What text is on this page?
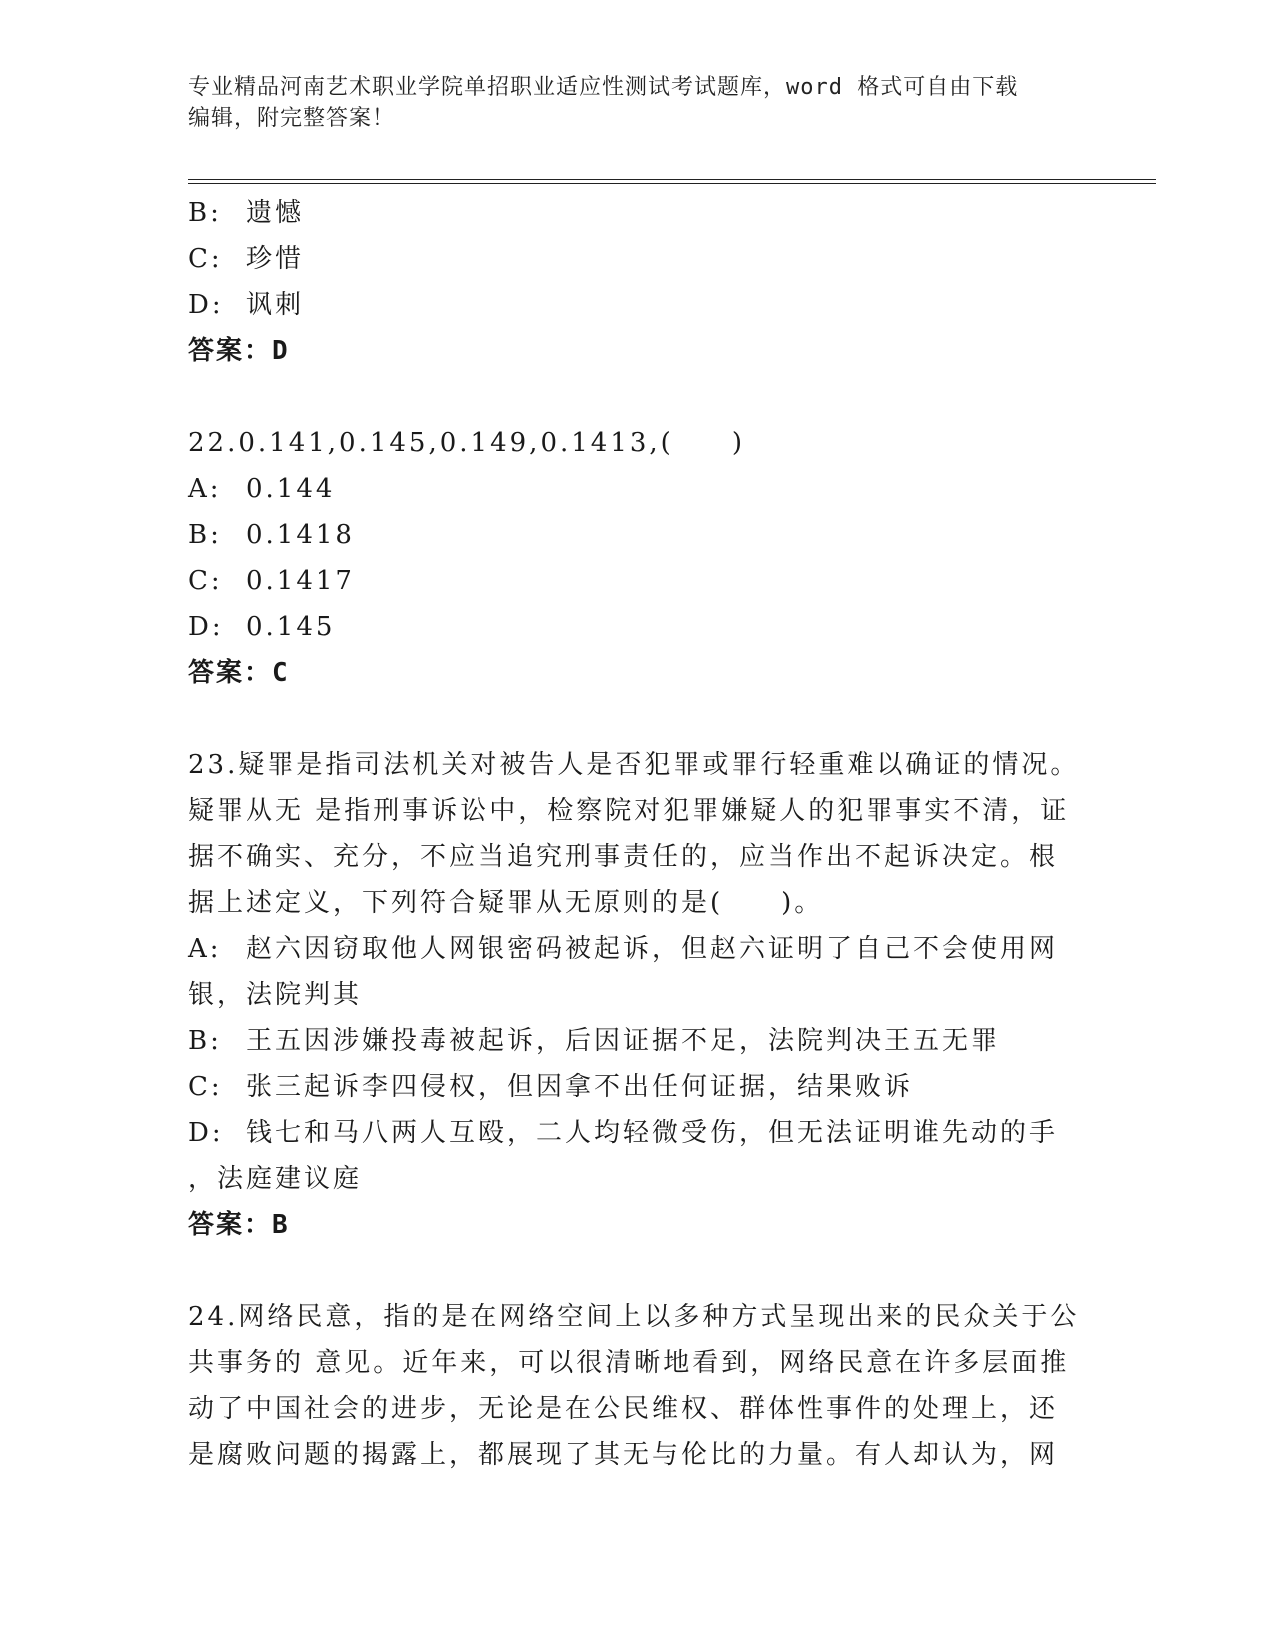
专业精品河南艺术职业学院单招职业适应性测试考试题库，word 格式可自由下载
编辑，附完整答案！
B: 遗憾
C: 珍惜
D: 讽刺
答案：D
22.0.141,0.145,0.149,0.1413,(　　)
A: 0.144
B: 0.1418
C: 0.1417
D: 0.145
答案：C
23.疑罪是指司法机关对被告人是否犯罪或罪行轻重难以确证的情况。
疑罪从无 是指刑事诉讼中，检察院对犯罪嫌疑人的犯罪事实不清，证
据不确实、充分，不应当追究刑事责任的，应当作出不起诉决定。根
据上述定义，下列符合疑罪从无原则的是(　　)。
A: 赵六因窃取他人网银密码被起诉，但赵六证明了自己不会使用网
银，法院判其
B: 王五因涉嫌投毒被起诉，后因证据不足，法院判决王五无罪
C: 张三起诉李四侵权，但因拿不出任何证据，结果败诉
D: 钱七和马八两人互殴，二人均轻微受伤，但无法证明谁先动的手
，法庭建议庭
答案：B
24.网络民意，指的是在网络空间上以多种方式呈现出来的民众关于公
共事务的 意见。近年来，可以很清晰地看到，网络民意在许多层面推
动了中国社会的进步，无论是在公民维权、群体性事件的处理上，还
是腐败问题的揭露上，都展现了其无与伦比的力量。有人却认为，网
